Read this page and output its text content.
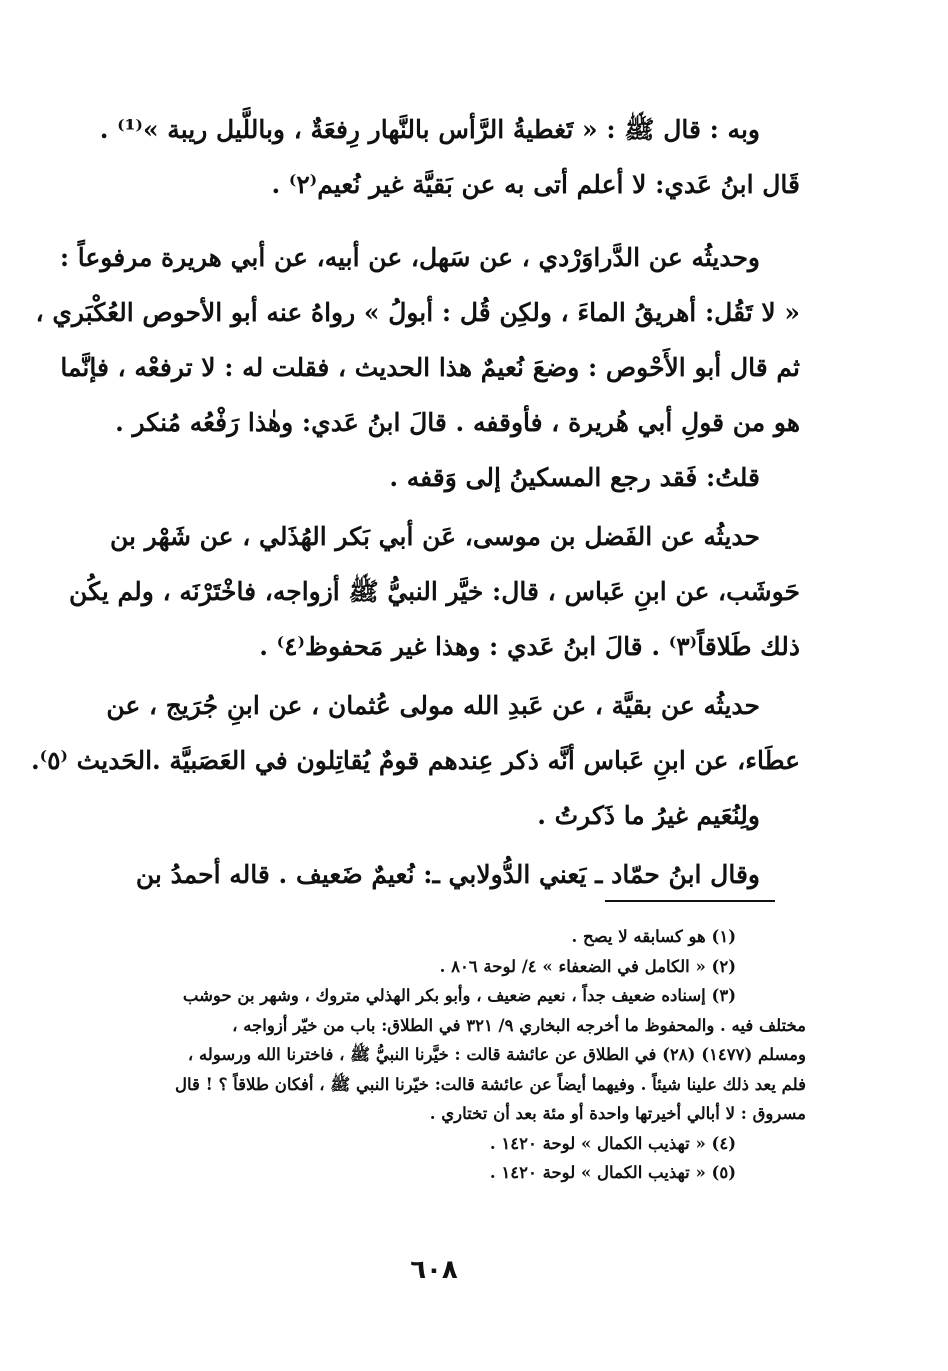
وبه : قال ﷺ : « تَغطيةُ الرَّأس بالنَّهار رِفعَةٌ ، وباللَّيل ريبة »⁽¹⁾ .
قَال ابنُ عَدي: لا أعلم أتى به عن بَقيَّة غير نُعيم⁽٢⁾ .
وحديثُه عن الدَّراوَرْدي ، عن سَهل، عن أبيه، عن أبي هريرة مرفوعاً :
« لا تَقُل: أهريقُ الماءَ ، ولكِن قُل : أبولُ » رواهُ عنه أبو الأحوص العُكْبَري ،
ثم قال أبو الأَحْوص : وضعَ نُعيمٌ هذا الحديث ، فقلت له : لا ترفعْه ، فإنَّما
هو من قولِ أبي هُريرة ، فأوقفه . قالَ ابنُ عَدي: وهٰذا رَفْعُه مُنكر .
قلتُ: فَقد رجع المسكينُ إلى وَقفه .
حديثُه عن الفَضل بن موسى، عَن أبي بَكر الهُذَلي ، عن شَهْر بن
حَوشَب، عن ابنِ عَباس ، قال: خيَّر النبيُّ ﷺ أزواجه، فاخْتَرْنَه ، ولم يكُن
ذلك طَلاقاً⁽٣⁾ . قالَ ابنُ عَدي : وهذا غير مَحفوظ⁽٤⁾ .
حديثُه عن بقيَّة ، عن عَبدِ الله مولى عُثمان ، عن ابنِ جُرَيج ، عن
عطَاء، عن ابنِ عَباس أنَّه ذكر عِندهم قومٌ يُقاتِلون في العَصَبيَّة .الحَديث ⁽٥⁾.
ولِنُعَيم غيرُ ما ذَكرتُ .
وقال ابنُ حمّاد ـ يَعني الدُّولابي ـ: نُعيمٌ ضَعيف . قاله أحمدُ بن
(١) هو كسابقه لا يصح .
(٢) « الكامل في الضعفاء » ٤/ لوحة ٨٠٦ .
(٣) إسناده ضعيف جداً ، نعيم ضعيف ، وأبو بكر الهذلي متروك ، وشهر بن حوشب
مختلف فيه . والمحفوظ ما أخرجه البخاري ٩/ ٣٢١ في الطلاق: باب من خيّر أزواجه ،
ومسلم (١٤٧٧) (٢٨) في الطلاق عن عائشة قالت : خيَّرنا النبيُّ ﷺ ، فاخترنا الله ورسوله ،
فلم يعد ذلك علينا شيئاً . وفيهما أيضاً عن عائشة قالت: خيّرنا النبي ﷺ ، أفكان طلاقاً ؟ ! قال
مسروق : لا أبالي أخيرتها واحدة أو مئة بعد أن تختاري .
(٤) « تهذيب الكمال » لوحة ١٤٢٠ .
(٥) « تهذيب الكمال » لوحة ١٤٢٠ .
٦٠٨
